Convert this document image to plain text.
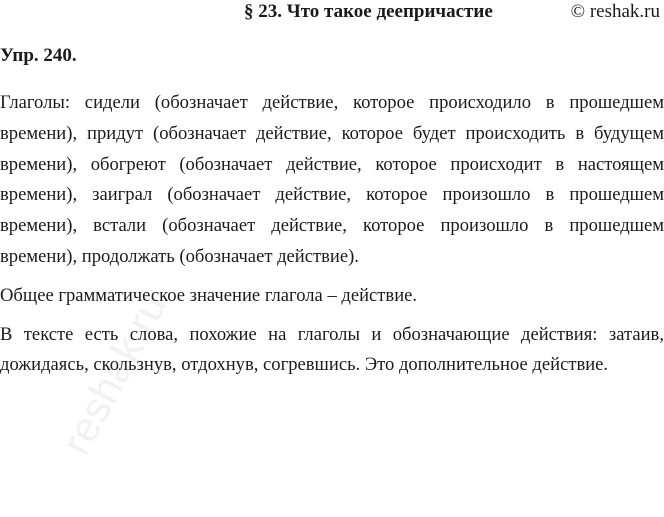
§ 23. Что такое деепричастие	© reshak.ru
Упр. 240.

Глаголы: сидели (обозначает действие, которое происходило в прошедшем времени), придут (обозначает действие, которое будет происходить в будущем времени), обогреют (обозначает действие, которое происходит в настоящем времени), заиграл (обозначает действие, которое произошло в прошедшем времени), встали (обозначает действие, которое произошло в прошедшем времени), продолжать (обозначает действие).

Общее грамматическое значение глагола – действие.

В тексте есть слова, похожие на глаголы и обозначающие действия: затаив, дожидаясь, скользнув, отдохнув, согревшись. Это дополнительное действие.

reshak.ru
